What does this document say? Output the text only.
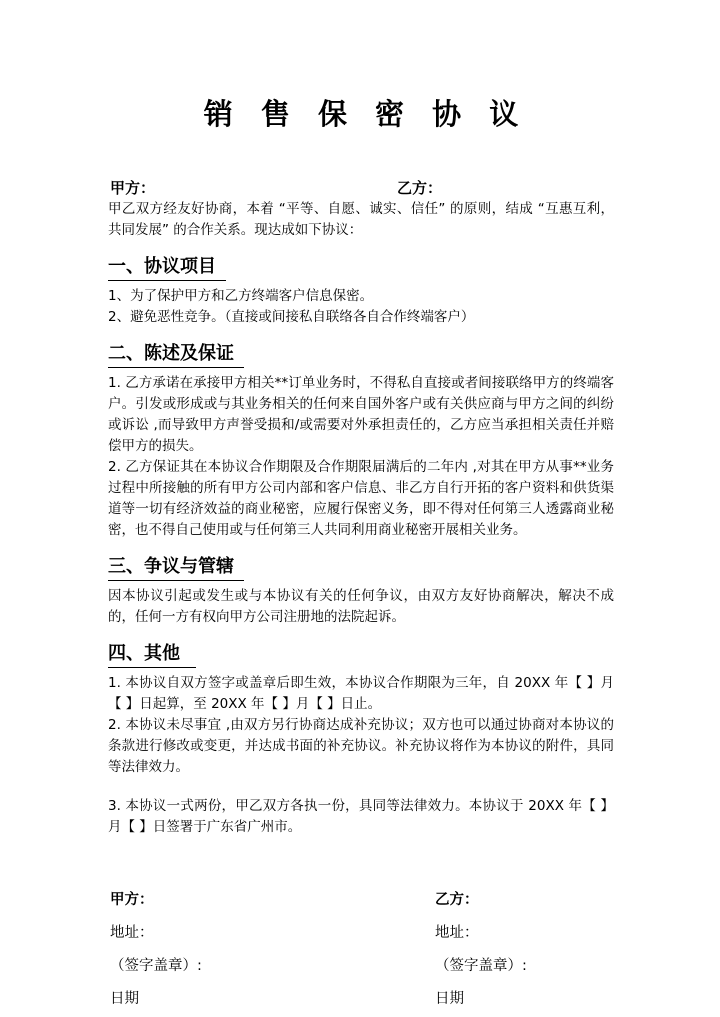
销 售 保 密 协 议
甲方：	乙方：

甲乙双方经友好协商，本着 “平等、自愿、诚实、信任” 的原则，结成 “互惠互利，共同发展” 的合作关系。现达成如下协议：

一、协议项目

1、为了保护甲方和乙方终端客户信息保密。

2、避免恶性竞争。（直接或间接私自联络各自合作终端客户）

二、陈述及保证

1. 乙方承诺在承接甲方相关**订单业务时，不得私自直接或者间接联络甲方的终端客户。引发或形成或与其业务相关的任何来自国外客户或有关供应商与甲方之间的纠纷或诉讼 ,而导致甲方声誉受损和/或需要对外承担责任的，乙方应当承担相关责任并赔偿甲方的损失。

2. 乙方保证其在本协议合作期限及合作期限届满后的二年内 ,对其在甲方从事**业务过程中所接触的所有甲方公司内部和客户信息、非乙方自行开拓的客户资料和供货渠道等一切有经济效益的商业秘密，应履行保密义务，即不得对任何第三人透露商业秘密，也不得自己使用或与任何第三人共同利用商业秘密开展相关业务。

三、争议与管辖

因本协议引起或发生或与本协议有关的任何争议，由双方友好协商解决，解决不成的，任何一方有权向甲方公司注册地的法院起诉。

四、其他

1. 本协议自双方签字或盖章后即生效，本协议合作期限为三年，自 20XX 年【 】月【 】日起算，至 20XX 年【 】月【 】日止。

2. 本协议未尽事宜 ,由双方另行协商达成补充协议；双方也可以通过协商对本协议的条款进行修改或变更，并达成书面的补充协议。补充协议将作为本协议的附件，具同等法律效力。

3. 本协议一式两份，甲乙双方各执一份，具同等法律效力。本协议于 20XX 年【 】月【 】日签署于广东省广州市。

甲方：
地址：
（签字盖章）:
日期
乙方：
地址：
（签字盖章）:
日期
